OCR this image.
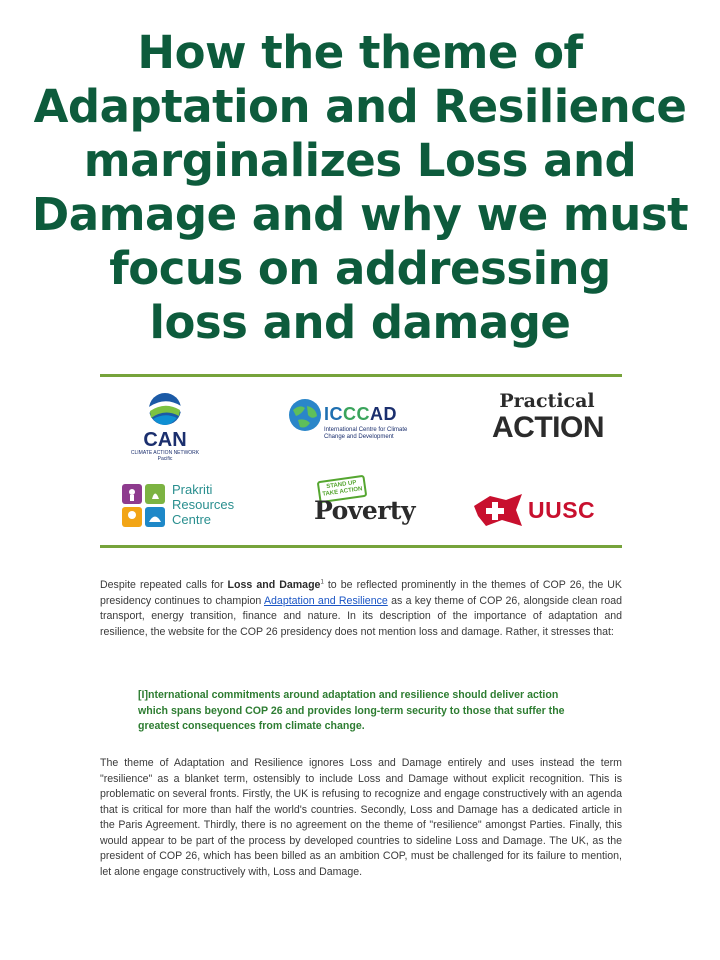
How the theme of
Adaptation and Resilience
marginalizes Loss and
Damage and why we must
focus on addressing
loss and damage
CAN
CLIMATE ACTION NETWORK
Pacific
ICCCAD
International Centre for Climate Change and Development
Practical
ACTION
Prakriti
Resources
Centre
STAND UP TAKE ACTION
Poverty	UUSC
Despite repeated calls for Loss and Damage$^1$ to be reflected prominently in the themes of COP 26, the UK presidency continues to champion Adaptation and Resilience as a key theme of COP 26, alongside clean road transport, energy transition, finance and nature. In its description of the importance of adaptation and resilience, the website for the COP 26 presidency does not mention loss and damage. Rather, it stresses that:
[I]nternational commitments around adaptation and resilience should deliver action which spans beyond COP 26 and provides long-term security to those that suffer the greatest consequences from climate change.
The theme of Adaptation and Resilience ignores Loss and Damage entirely and uses instead the term "resilience" as a blanket term, ostensibly to include Loss and Damage without explicit recognition. This is problematic on several fronts. Firstly, the UK is refusing to recognize and engage constructively with an agenda that is critical for more than half the world's countries. Secondly, Loss and Damage has a dedicated article in the Paris Agreement. Thirdly, there is no agreement on the theme of "resilience" amongst Parties. Finally, this would appear to be part of the process by developed countries to sideline Loss and Damage. The UK, as the president of COP 26, which has been billed as an ambition COP, must be challenged for its failure to mention, let alone engage constructively with, Loss and Damage.
